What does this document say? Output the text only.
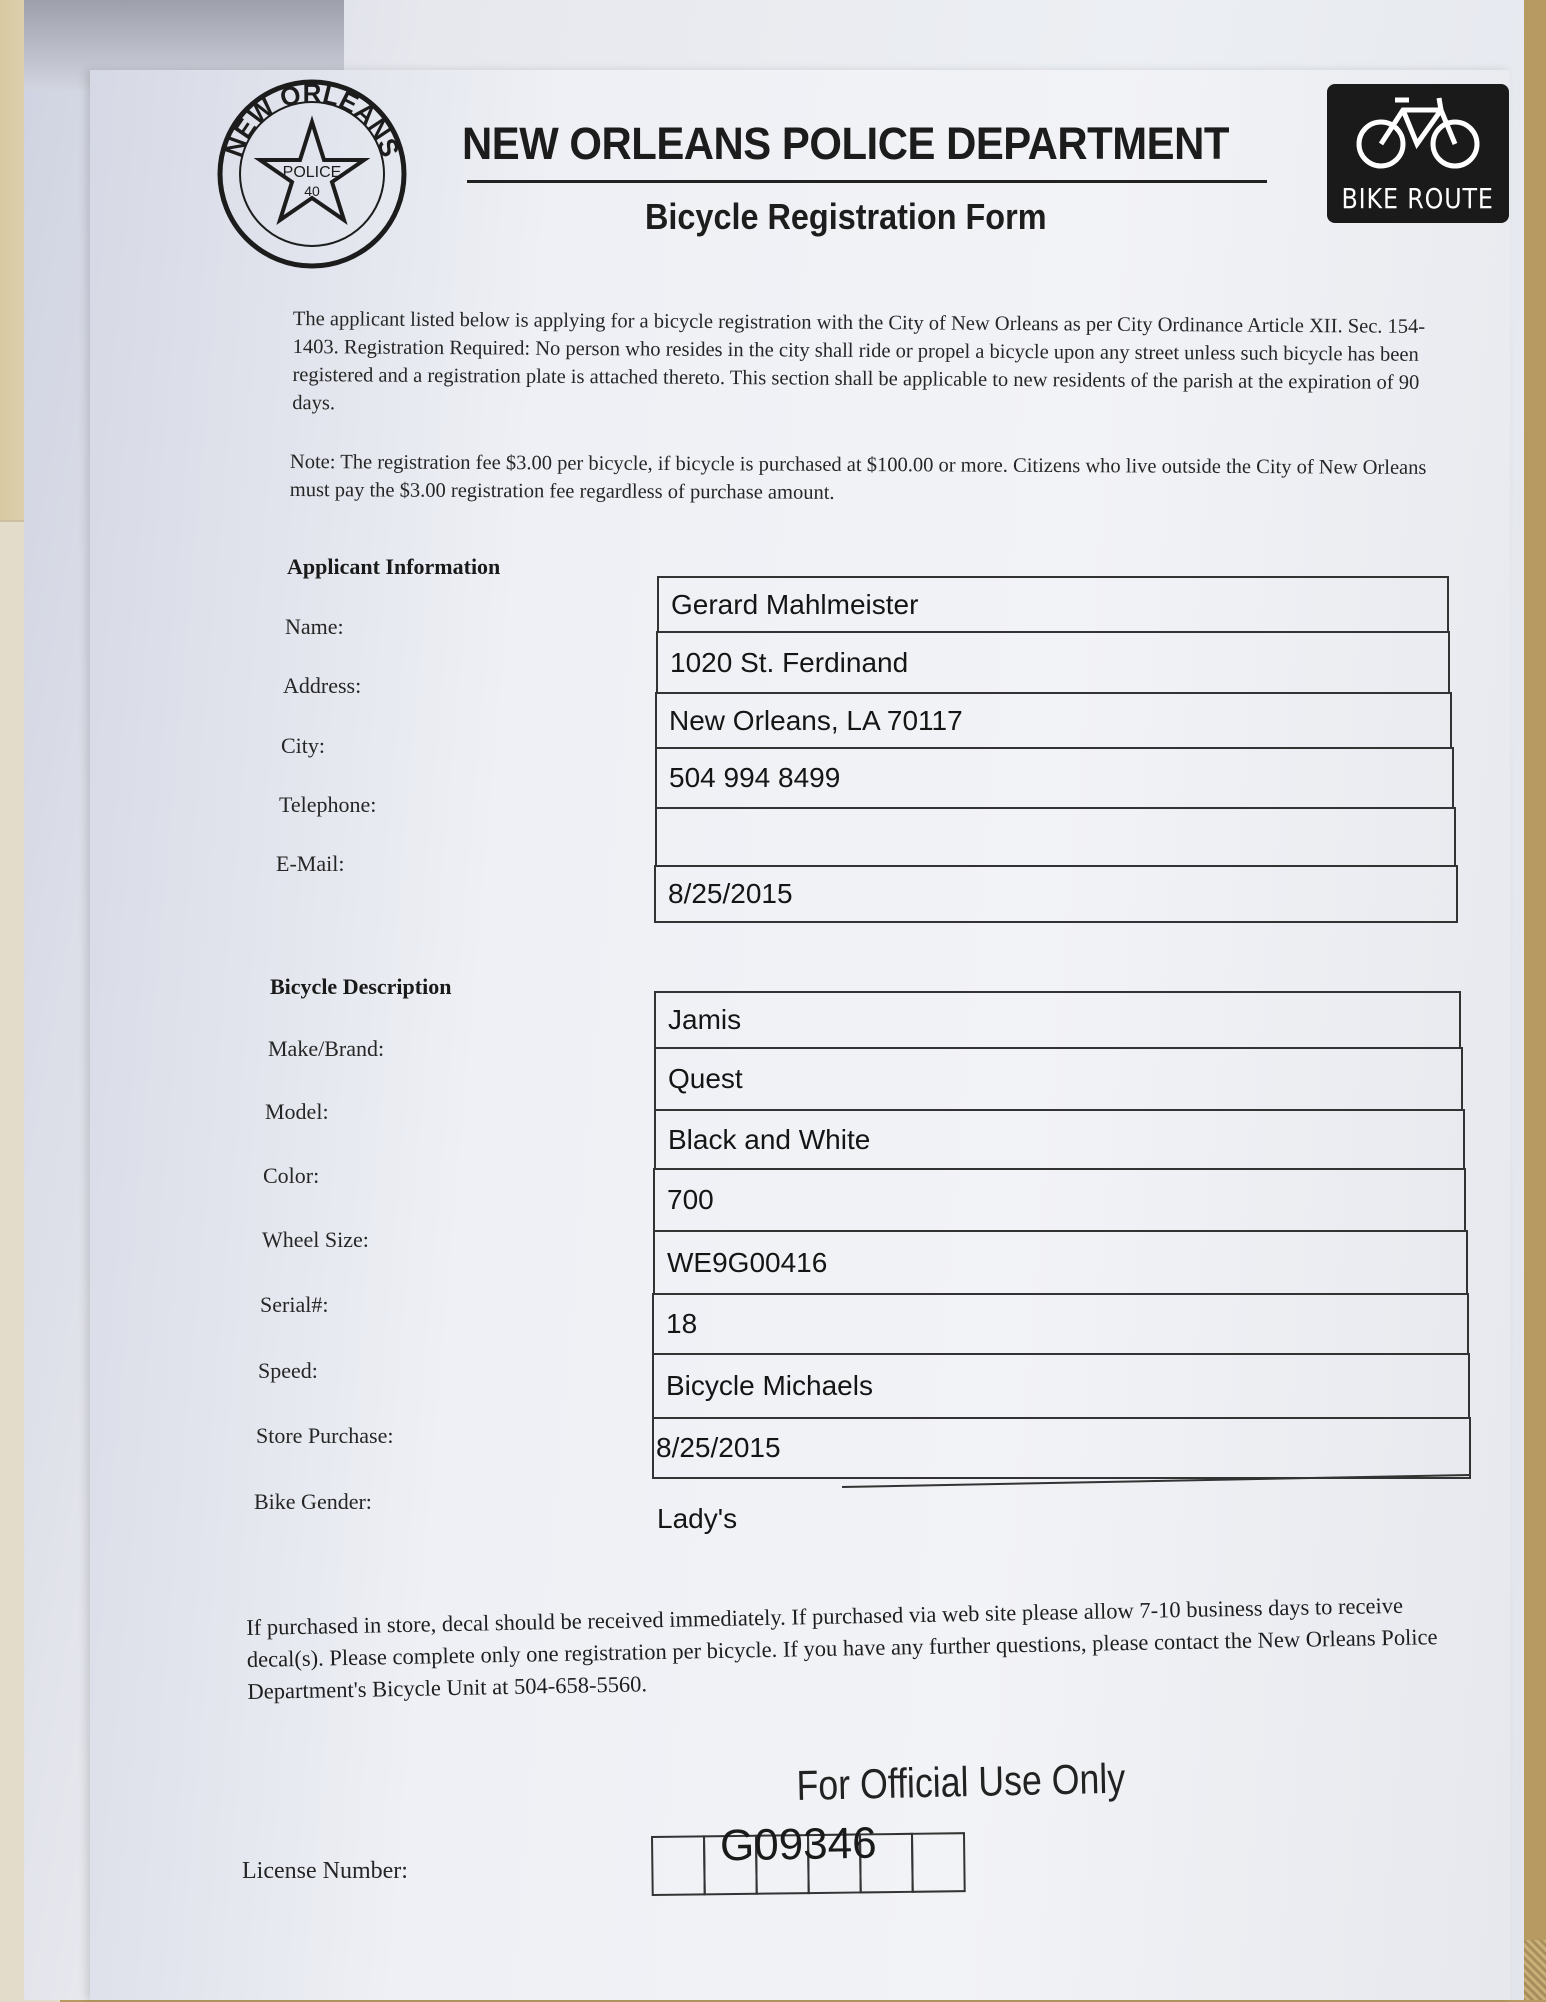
NEW ORLEANS
POLICE
40
NEW ORLEANS POLICE DEPARTMENT
Bicycle Registration Form	BIKE ROUTE
The applicant listed below is applying for a bicycle registration with the City of New Orleans as per City Ordinance Article XII. Sec. 154-1403. Registration Required: No person who resides in the city shall ride or propel a bicycle upon any street unless such bicycle has been registered and a registration plate is attached thereto. This section shall be applicable to new residents of the parish at the expiration of 90 days.
Note: The registration fee $3.00 per bicycle, if bicycle is purchased at $100.00 or more. Citizens who live outside the City of New Orleans must pay the $3.00 registration fee regardless of purchase amount.
Applicant Information
Name:
Address:
City:
Telephone:
E-Mail:
Gerard Mahlmeister
1020 St. Ferdinand
New Orleans, LA 70117
504 994 8499
8/25/2015
Bicycle Description
Make/Brand:
Model:
Color:
Wheel Size:
Serial#:
Speed:
Store Purchase:
Bike Gender:
Jamis
Quest
Black and White
700
WE9G00416
18
Bicycle Michaels
8/25/2015
Lady's
If purchased in store, decal should be received immediately. If purchased via web site please allow 7-10 business days to receive decal(s). Please complete only one registration per bicycle. If you have any further questions, please contact the New Orleans Police Department's Bicycle Unit at 504-658-5560.
For Official Use Only
License Number:
G09346
